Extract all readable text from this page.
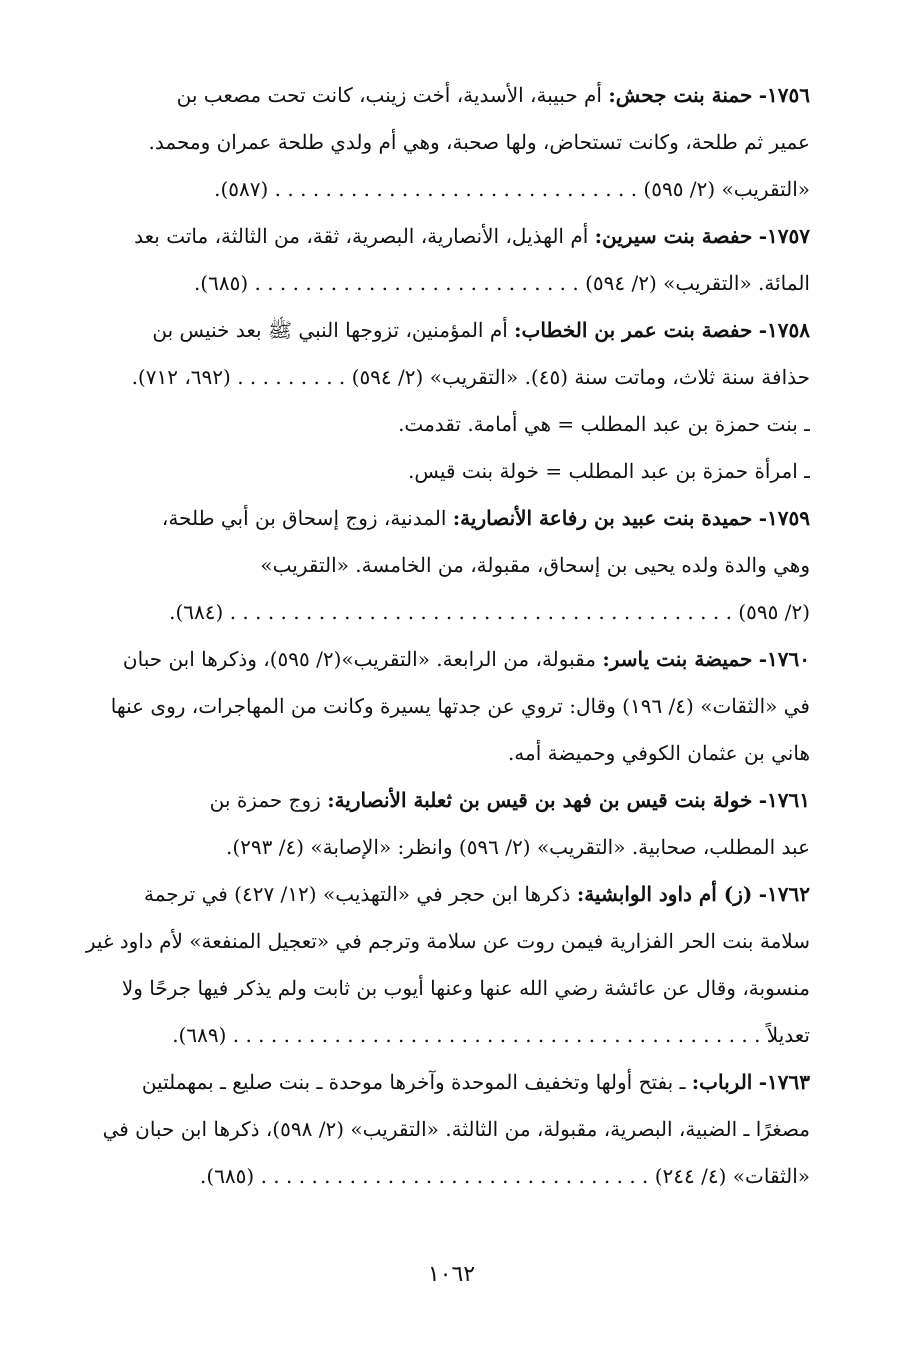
١٧٥٦- حمنة بنت جحش: أم حبيبة، الأسدية، أخت زينب، كانت تحت مصعب بن
عمير ثم طلحة، وكانت تستحاض، ولها صحبة، وهي أم ولدي طلحة عمران ومحمد.
«التقريب» (٢/ ٥٩٥) . . . . . . . . . . . . . . . . . . . . . . . . . . . . . (٥٨٧).
١٧٥٧- حفصة بنت سيرين: أم الهذيل، الأنصارية، البصرية، ثقة، من الثالثة، ماتت بعد
المائة. «التقريب» (٢/ ٥٩٤) . . . . . . . . . . . . . . . . . . . . . . . . . . (٦٨٥).
١٧٥٨- حفصة بنت عمر بن الخطاب: أم المؤمنين، تزوجها النبي ﷺ بعد خنيس بن
حذافة سنة ثلاث، وماتت سنة (٤٥). «التقريب» (٢/ ٥٩٤) . . . . . . . . . (٦٩٢، ٧١٢).
ـ بنت حمزة بن عبد المطلب = هي أمامة. تقدمت.
ـ امرأة حمزة بن عبد المطلب = خولة بنت قيس.
١٧٥٩- حميدة بنت عبيد بن رفاعة الأنصارية: المدنية، زوج إسحاق بن أبي طلحة،
وهي والدة ولده يحيى بن إسحاق، مقبولة، من الخامسة. «التقريب»
(٢/ ٥٩٥) . . . . . . . . . . . . . . . . . . . . . . . . . . . . . . . . . . . . . . . . (٦٨٤).
١٧٦٠- حميضة بنت ياسر: مقبولة، من الرابعة. «التقريب»(٢/ ٥٩٥)، وذكرها ابن حبان
في «الثقات» (٤/ ١٩٦) وقال: تروي عن جدتها يسيرة وكانت من المهاجرات، روى عنها
هاني بن عثمان الكوفي وحميضة أمه.
١٧٦١- خولة بنت قيس بن فهد بن قيس بن ثعلبة الأنصارية: زوج حمزة بن
عبد المطلب، صحابية. «التقريب» (٢/ ٥٩٦) وانظر: «الإصابة» (٤/ ٢٩٣).
١٧٦٢- (ز) أم داود الوابشية: ذكرها ابن حجر في «التهذيب» (١٢/ ٤٢٧) في ترجمة
سلامة بنت الحر الفزارية فيمن روت عن سلامة وترجم في «تعجيل المنفعة» لأم داود غير
منسوبة، وقال عن عائشة رضي الله عنها وعنها أيوب بن ثابت ولم يذكر فيها جرحًا ولا
تعديلاً . . . . . . . . . . . . . . . . . . . . . . . . . . . . . . . . . . . . . . . . . . (٦٨٩).
١٧٦٣- الرباب: ـ بفتح أولها وتخفيف الموحدة وآخرها موحدة ـ بنت صليع ـ بمهملتين
مصغرًا ـ الضبية، البصرية، مقبولة، من الثالثة. «التقريب» (٢/ ٥٩٨)، ذكرها ابن حبان في
«الثقات» (٤/ ٢٤٤) . . . . . . . . . . . . . . . . . . . . . . . . . . . . . . . (٦٨٥).
١٠٦٢
